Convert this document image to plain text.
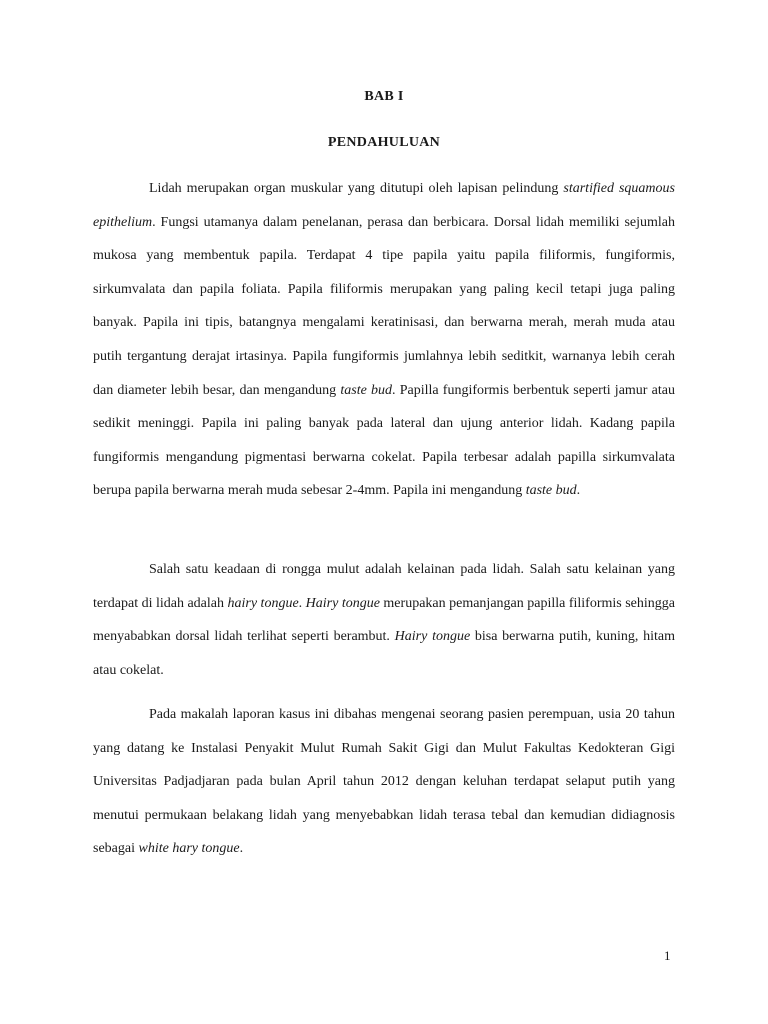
BAB I
PENDAHULUAN

Lidah merupakan organ muskular yang ditutupi oleh lapisan pelindung startified squamous epithelium. Fungsi utamanya dalam penelanan, perasa dan berbicara. Dorsal lidah memiliki sejumlah mukosa yang membentuk papila. Terdapat 4 tipe papila yaitu papila filiformis, fungiformis, sirkumvalata dan papila foliata. Papila filiformis merupakan yang paling kecil tetapi juga paling banyak. Papila ini tipis, batangnya mengalami keratinisasi, dan berwarna merah, merah muda atau putih tergantung derajat irtasinya. Papila fungiformis jumlahnya lebih seditkit, warnanya lebih cerah dan diameter lebih besar, dan mengandung taste bud. Papilla fungiformis berbentuk seperti jamur atau sedikit meninggi. Papila ini paling banyak pada lateral dan ujung anterior lidah. Kadang papila fungiformis mengandung pigmentasi berwarna cokelat. Papila terbesar adalah papilla sirkumvalata berupa papila berwarna merah muda sebesar 2-4mm. Papila ini mengandung taste bud.

Salah satu keadaan di rongga mulut adalah kelainan pada lidah. Salah satu kelainan yang terdapat di lidah adalah hairy tongue. Hairy tongue merupakan pemanjangan papilla filiformis sehingga menyababkan dorsal lidah terlihat seperti berambut. Hairy tongue bisa berwarna putih, kuning, hitam atau cokelat.

Pada makalah laporan kasus ini dibahas mengenai seorang pasien perempuan, usia 20 tahun yang datang ke Instalasi Penyakit Mulut Rumah Sakit Gigi dan Mulut Fakultas Kedokteran Gigi Universitas Padjadjaran pada bulan April tahun 2012 dengan keluhan terdapat selaput putih yang menutui permukaan belakang lidah yang menyebabkan lidah terasa tebal dan kemudian didiagnosis sebagai white hary tongue.

1
